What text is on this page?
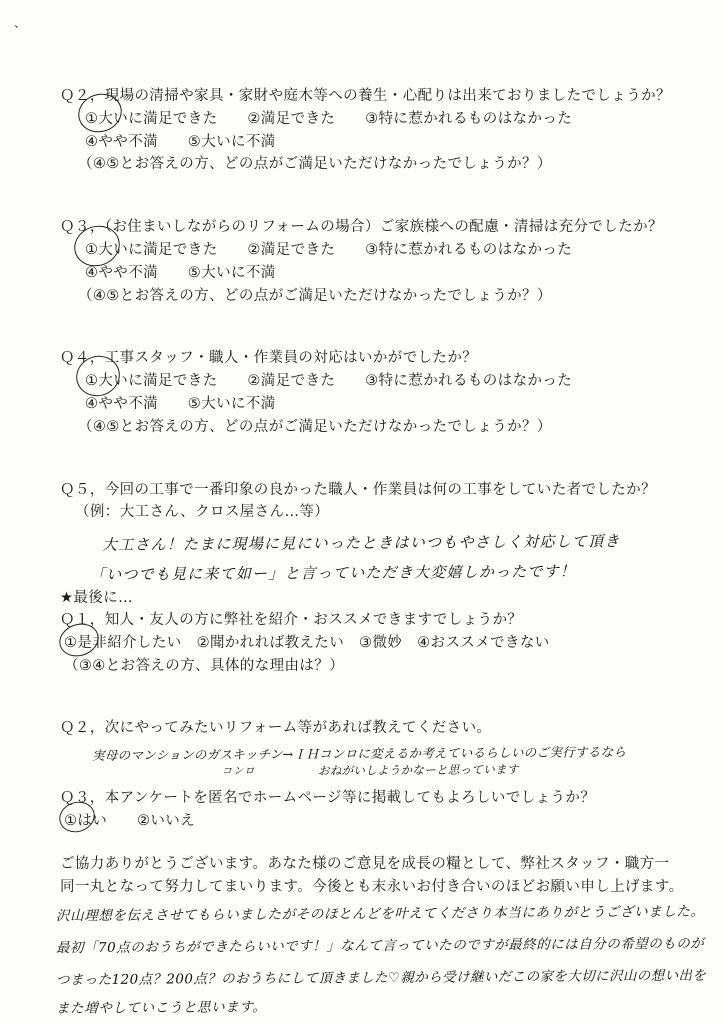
、
Ｑ２，現場の清掃や家具・家財や庭木等への養生・心配りは出来ておりましたでしょうか？
①大いに満足できた　　②満足できた　　③特に惹かれるものはなかった
④やや不満　　⑤大いに不満
（④⑤とお答えの方、どの点がご満足いただけなかったでしょうか？）
Ｑ３，（お住まいしながらのリフォームの場合）ご家族様への配慮・清掃は充分でしたか？
①大いに満足できた　　②満足できた　　③特に惹かれるものはなかった
④やや不満　　⑤大いに不満
（④⑤とお答えの方、どの点がご満足いただけなかったでしょうか？）
Ｑ４，工事スタッフ・職人・作業員の対応はいかがでしたか？
①大いに満足できた　　②満足できた　　③特に惹かれるものはなかった
④やや不満　　⑤大いに不満
（④⑤とお答えの方、どの点がご満足いただけなかったでしょうか？）
Ｑ５，今回の工事で一番印象の良かった職人・作業員は何の工事をしていた者でしたか？
（例：大工さん、クロス屋さん…等）
大工さん！たまに現場に見にいったときはいつもやさしく対応して頂き
「いつでも見に来て如ー」と言っていただき大変嬉しかったです！
★最後に…
Ｑ１，知人・友人の方に弊社を紹介・おススメできますでしょうか？
①是非紹介したい　②聞かれれば教えたい　③微妙　④おススメできない
（③④とお答えの方、具体的な理由は？）
Ｑ２，次にやってみたいリフォーム等があれば教えてください。
実母のマンションのガスキッチン→ＩＨコンロに変えるか考えているらしいのご実行するなら
コンロ	おねがいしようかなーと思っています
Ｑ３，本アンケートを匿名でホームページ等に掲載してもよろしいでしょうか？
①はい　　②いいえ
ご協力ありがとうございます。あなた様のご意見を成長の糧として、弊社スタッフ・職方一
同一丸となって努力してまいります。今後とも末永いお付き合いのほどお願い申し上げます。
沢山理想を伝えさせてもらいましたがそのほとんどを叶えてくださり本当にありがとうございました。
最初「70点のおうちができたらいいです！」なんて言っていたのですが最終的には自分の希望のものが
つまった120点？200点？のおうちにして頂きました♡親から受け継いだこの家を大切に沢山の想い出を
また増やしていこうと思います。
